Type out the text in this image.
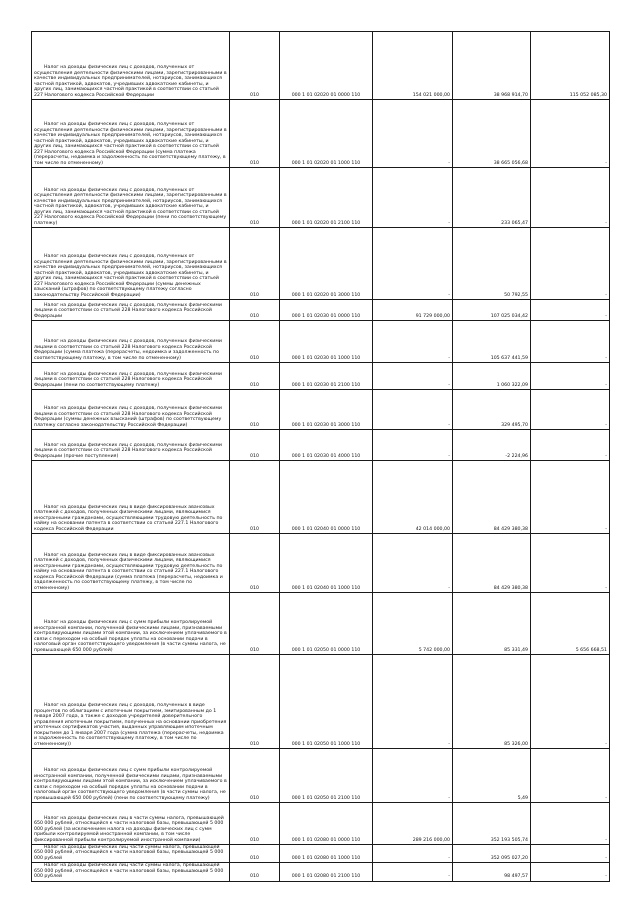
Налог на доходы физических лиц с доходов, полученных от осуществления деятельности физическими лицами, зарегистрированными в качестве индивидуальных предпринимателей, нотариусов, занимающихся частной практикой, адвокатов, учредивших адвокатские кабинеты, и других лиц, занимающихся частной практикой в соответствии со статьей 227 Налогового кодекса Российской Федерации	010	000 1 01 02020 01 0000 110	154 021 000,00	38 968 914,70	115 052 085,30
Налог на доходы физических лиц с доходов, полученных от осуществления деятельности физическими лицами, зарегистрированными в качестве индивидуальных предпринимателей, нотариусов, занимающихся частной практикой, адвокатов, учредивших адвокатские кабинеты, и других лиц, занимающихся частной практикой в соответствии со статьей 227 Налогового кодекса Российской Федерации (сумма платежа (перерасчеты, недоимка и задолженность по соответствующему платежу, в том числе по отмененному)	010	000 1 01 02020 01 1000 110	-	38 665 056,68	-
Налог на доходы физических лиц с доходов, полученных от осуществления деятельности физическими лицами, зарегистрированными в качестве индивидуальных предпринимателей, нотариусов, занимающихся частной практикой, адвокатов, учредивших адвокатские кабинеты, и других лиц, занимающихся частной практикой в соответствии со статьей 227 Налогового кодекса Российской Федерации (пени по соответствующему платежу)	010	000 1 01 02020 01 2100 110	-	233 065,47	-
Налог на доходы физических лиц с доходов, полученных от осуществления деятельности физическими лицами, зарегистрированными в качестве индивидуальных предпринимателей, нотариусов, занимающихся частной практикой, адвокатов, учредивших адвокатские кабинеты, и других лиц, занимающихся частной практикой в соответствии со статьей 227 Налогового кодекса Российской Федерации (суммы денежных взысканий (штрафов) по соответствующему платежу согласно законодательству Российской Федерации)	010	000 1 01 02020 01 3000 110	-	50 792,55	-
Налог на доходы физических лиц с доходов, полученных физическими лицами в соответствии со статьей 228 Налогового кодекса Российской Федерации	010	000 1 01 02030 01 0000 110	91 729 000,00	107 025 034,42	-
Налог на доходы физических лиц с доходов, полученных физическими лицами в соответствии со статьей 228 Налогового кодекса Российской Федерации (сумма платежа (перерасчеты, недоимка и задолженность по соответствующему платежу, в том числе по отмененному)	010	000 1 01 02030 01 1000 110	-	105 637 441,59	-
Налог на доходы физических лиц с доходов, полученных физическими лицами в соответствии со статьей 228 Налогового кодекса Российской Федерации (пени по соответствующему платежу)	010	000 1 01 02030 01 2100 110	-	1 060 322,09	-
Налог на доходы физических лиц с доходов, полученных физическими лицами в соответствии со статьей 228 Налогового кодекса Российской Федерации (суммы денежных взысканий (штрафов) по соответствующему платежу согласно законодательству Российской Федерации)	010	000 1 01 02030 01 3000 110	-	329 495,70	-
Налог на доходы физических лиц с доходов, полученных физическими лицами в соответствии со статьей 228 Налогового кодекса Российской Федерации (прочие поступления)	010	000 1 01 02030 01 4000 110	-	-2 224,96	-
Налог на доходы физических лиц в виде фиксированных авансовых платежей с доходов, полученных физическими лицами, являющимися иностранными гражданами, осуществляющими трудовую деятельность по найму на основании патента в соответствии со статьей 227.1 Налогового кодекса Российской Федерации	010	000 1 01 02040 01 0000 110	42 014 000,00	84 429 380,38	-
Налог на доходы физических лиц в виде фиксированных авансовых платежей с доходов, полученных физическими лицами, являющимися иностранными гражданами, осуществляющими трудовую деятельность по найму на основании патента в соответствии со статьей 227.1 Налогового кодекса Российской Федерации (сумма платежа (перерасчеты, недоимка и задолженность по соответствующему платежу, в том числе по отмененному)	010	000 1 01 02040 01 1000 110	-	84 429 380,38	-
Налог на доходы физических лиц с сумм прибыли контролируемой иностранной компании, полученной физическими лицами, признаваемыми контролирующими лицами этой компании, за исключением уплачиваемого в связи с переходом на особый порядок уплаты на основании подачи в налоговый орган соответствующего уведомления (в части суммы налога, не превышающей 650 000 рублей)	010	000 1 01 02050 01 0000 110	5 742 000,00	85 331,49	5 656 668,51
Налог на доходы физических лиц с доходов, полученных в виде процентов по облигациям с ипотечным покрытием, эмитированным до 1 января 2007 года, а также с доходов учредителей доверительного управления ипотечным покрытием, полученных на основании приобретения ипотечных сертификатов участия, выданных управляющим ипотечным покрытием до 1 января 2007 года (сумма платежа (перерасчеты, недоимка и задолженность по соответствующему платежу, в том числе по отмененному))	010	000 1 01 02050 01 1000 110	-	85 326,00	-
Налог на доходы физических лиц с сумм прибыли контролируемой иностранной компании, полученной физическими лицами, признаваемыми контролирующими лицами этой компании, за исключением уплачиваемого в связи с переходом на особый порядок уплаты на основании подачи в налоговый орган соответствующего уведомления (в части суммы налога, не превышающей 650 000 рублей) (пени по соответствующему платежу)	010	000 1 01 02050 01 2100 110	-	5,49	-
Налог на доходы физических лиц в части суммы налога, превышающей 650 000 рублей, относящейся к части налоговой базы, превышающей 5 000 000 рублей (за исключением налога на доходы физических лиц с сумм прибыли контролируемой иностранной компании, в том числе фиксированной прибыли контролируемой иностранной компании)	010	000 1 01 02080 01 0000 110	289 216 000,00	352 193 505,74	-
Налог на доходы физических лиц части суммы налога, превышающей 650 000 рублей, относящейся к части налоговой базы, превышающей 5 000 000 рублей	010	000 1 01 02080 01 1000 110	-	352 095 027,20	-
Налог на доходы физических лиц части суммы налога, превышающей 650 000 рублей, относящейся к части налоговой базы, превышающей 5 000 000 рублей	010	000 1 01 02080 01 2100 110	-	98 497,57	-
